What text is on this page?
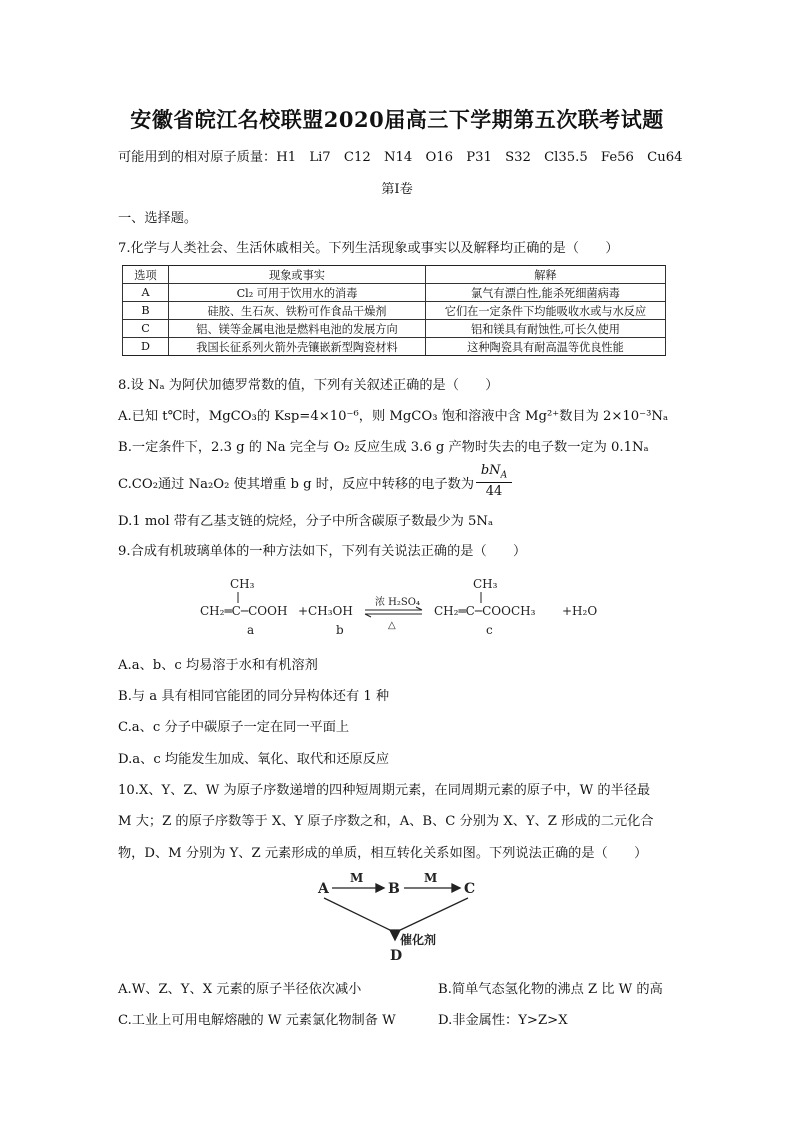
安徽省皖江名校联盟2020届高三下学期第五次联考试题
可能用到的相对原子质量：H1　Li7　C12　N14　O16　P31　S32　Cl35.5　Fe56　Cu64
第Ⅰ卷
一、选择题。
7.化学与人类社会、生活休戚相关。下列生活现象或事实以及解释均正确的是（　　）
选项	现象或事实	解释
A	Cl₂ 可用于饮用水的消毒	氯气有漂白性,能杀死细菌病毒
B	硅胶、生石灰、铁粉可作食品干燥剂	它们在一定条件下均能吸收水或与水反应
C	铝、镁等金属电池是燃料电池的发展方向	铝和镁具有耐蚀性,可长久使用
D	我国长征系列火箭外壳镶嵌新型陶瓷材料	这种陶瓷具有耐高温等优良性能
8.设 Nₐ 为阿伏加德罗常数的值，下列有关叙述正确的是（　　）
A.已知 t℃时，MgCO₃的 Ksp=4×10⁻⁶，则 MgCO₃ 饱和溶液中含 Mg²⁺数目为 2×10⁻³Nₐ
B.一定条件下，2.3 g 的 Na 完全与 O₂ 反应生成 3.6 g 产物时失去的电子数一定为 0.1Nₐ
C.CO₂通过 Na₂O₂ 使其增重 b g 时，反应中转移的电子数为
$bN_A$
44
D.1 mol 带有乙基支链的烷烃，分子中所含碳原子数最少为 5Nₐ
9.合成有机玻璃单体的一种方法如下，下列有关说法正确的是（　　）
CH₃
CH₂═C─COOH +CH₃OH
浓 H₂SO₄
△
CH₃
CH₂═C─COOCH₃ +H₂O
a	b	c
A.a、b、c 均易溶于水和有机溶剂
B.与 a 具有相同官能团的同分异构体还有 1 种
C.a、c 分子中碳原子一定在同一平面上
D.a、c 均能发生加成、氧化、取代和还原反应
10.X、Y、Z、W 为原子序数递增的四种短周期元素，在同周期元素的原子中，W 的半径最
M 大；Z 的原子序数等于 X、Y 原子序数之和，A、B、C 分别为 X、Y、Z 形成的二元化合
物，D、M 分别为 Y、Z 元素形成的单质，相互转化关系如图。下列说法正确的是（　　）
A	B	C
M	M
D
催化剂
A.W、Z、Y、X 元素的原子半径依次减小	B.简单气态氢化物的沸点 Z 比 W 的高
C.工业上可用电解熔融的 W 元素氯化物制备 W	D.非金属性：Y>Z>X
